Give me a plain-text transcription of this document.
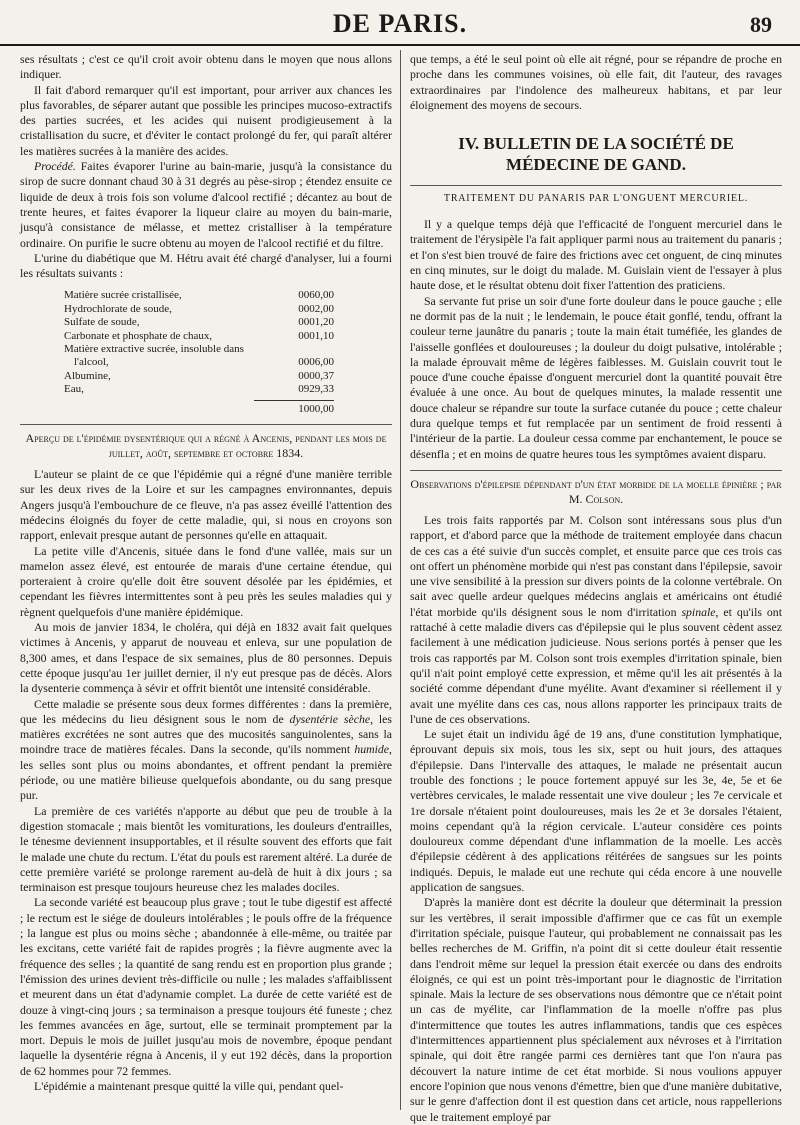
DE PARIS.	89

ses résultats ; c'est ce qu'il croit avoir obtenu dans le moyen que nous allons indiquer.

Il fait d'abord remarquer qu'il est important, pour arriver aux chances les plus favorables, de séparer autant que possible les principes mucoso-extractifs des parties sucrées, et les acides qui nuisent prodigieusement à la cristallisation du sucre, et d'éviter le contact prolongé du fer, qui paraît altérer les matières sucrées à la manière des acides.

Procédé. Faites évaporer l'urine au bain-marie, jusqu'à la consistance du sirop de sucre donnant chaud 30 à 31 degrés au pèse-sirop ; étendez ensuite ce liquide de deux à trois fois son volume d'alcool rectifié ; décantez au bout de trente heures, et faites évaporer la liqueur claire au moyen du bain-marie, jusqu'à consistance de mélasse, et mettez cristalliser à la température ordinaire. On purifie le sucre obtenu au moyen de l'alcool rectifié et du filtre.

L'urine du diabétique que M. Hétru avait été chargé d'analyser, lui a fourni les résultats suivants :

Matière sucrée cristallisée,	0060,00
Hydrochlorate de soude,	0002,00
Sulfate de soude,	0001,20
Carbonate et phosphate de chaux,	0001,10
Matière extractive sucrée, insoluble dans
l'alcool,	0006,00
Albumine,	0000,37
Eau,	0929,33
1000,00
Aperçu de l'épidémie dysentérique qui a régné à Ancenis, pendant les mois de juillet, août, septembre et octobre 1834.

L'auteur se plaint de ce que l'épidémie qui a régné d'une manière terrible sur les deux rives de la Loire et sur les campagnes environnantes, depuis Angers jusqu'à l'embouchure de ce fleuve, n'a pas assez éveillé l'attention des médecins éloignés du foyer de cette maladie, qui, si nous en croyons son rapport, enlevait presque autant de personnes qu'elle en attaquait.

La petite ville d'Ancenis, située dans le fond d'une vallée, mais sur un mamelon assez élevé, est entourée de marais d'une certaine étendue, qui porteraient à croire qu'elle doit être souvent désolée par les épidémies, et cependant les fièvres intermittentes sont à peu près les seules maladies qui y règnent quelquefois d'une manière épidémique.

Au mois de janvier 1834, le choléra, qui déjà en 1832 avait fait quelques victimes à Ancenis, y apparut de nouveau et enleva, sur une population de 8,300 ames, et dans l'espace de six semaines, plus de 80 personnes. Depuis cette époque jusqu'au 1er juillet dernier, il n'y eut presque pas de décès. Alors la dysenterie commença à sévir et offrit bientôt une intensité considérable.

Cette maladie se présente sous deux formes différentes : dans la première, que les médecins du lieu désignent sous le nom de dysentérie sèche, les matières excrétées ne sont autres que des mucosités sanguinolentes, sans la moindre trace de matières fécales. Dans la seconde, qu'ils nomment humide, les selles sont plus ou moins abondantes, et offrent pendant la première période, ou une matière bilieuse quelquefois abondante, ou du sang presque pur.

La première de ces variétés n'apporte au début que peu de trouble à la digestion stomacale ; mais bientôt les vomiturations, les douleurs d'entrailles, le ténesme deviennent insupportables, et il résulte souvent des efforts que fait le malade une chute du rectum. L'état du pouls est rarement altéré. La durée de cette première variété se prolonge rarement au-delà de huit à dix jours ; sa terminaison est presque toujours heureuse chez les malades dociles.

La seconde variété est beaucoup plus grave ; tout le tube digestif est affecté ; le rectum est le siége de douleurs intolérables ; le pouls offre de la fréquence ; la langue est plus ou moins sèche ; abandonnée à elle-même, ou traitée par les excitans, cette variété fait de rapides progrès ; la fièvre augmente avec la fréquence des selles ; la quantité de sang rendu est en proportion plus grande ; l'émission des urines devient très-difficile ou nulle ; les malades s'affaiblissent et meurent dans un état d'adynamie complet. La durée de cette variété est de douze à vingt-cinq jours ; sa terminaison a presque toujours été funeste ; chez les femmes avancées en âge, surtout, elle se terminait promptement par la mort. Depuis le mois de juillet jusqu'au mois de novembre, époque pendant laquelle la dysentérie régna à Ancenis, il y eut 192 décès, dans la proportion de 62 hommes pour 72 femmes.

L'épidémie a maintenant presque quitté la ville qui, pendant quel-

que temps, a été le seul point où elle ait régné, pour se répandre de proche en proche dans les communes voisines, où elle fait, dit l'auteur, des ravages extraordinaires par l'indolence des malheureux habitans, et par leur éloignement des moyens de secours.

IV. BULLETIN DE LA SOCIÉTÉ DE MÉDECINE DE GAND.
TRAITEMENT DU PANARIS PAR L'ONGUENT MERCURIEL.

Il y a quelque temps déjà que l'efficacité de l'onguent mercuriel dans le traitement de l'érysipèle l'a fait appliquer parmi nous au traitement du panaris ; et l'on s'est bien trouvé de faire des frictions avec cet onguent, de cinq minutes en cinq minutes, sur le doigt du malade. M. Guislain vient de l'essayer à plus haute dose, et le résultat obtenu doit fixer l'attention des praticiens.

Sa servante fut prise un soir d'une forte douleur dans le pouce gauche ; elle ne dormit pas de la nuit ; le lendemain, le pouce était gonflé, tendu, offrant la couleur terne jaunâtre du panaris ; toute la main était tuméfiée, les glandes de l'aisselle gonflées et douloureuses ; la douleur du doigt pulsative, intolérable ; la malade éprouvait même de légères faiblesses. M. Guislain couvrit tout le pouce d'une couche épaisse d'onguent mercuriel dont la quantité pouvait être évaluée à une once. Au bout de quelques minutes, la malade ressentit une douce chaleur se répandre sur toute la surface cutanée du pouce ; cette chaleur dura quelque temps et fut remplacée par un sentiment de froid ressenti à l'intérieur de la partie. La douleur cessa comme par enchantement, le pouce se désenfla ; et en moins de quatre heures tous les symptômes avaient disparu.

Observations d'épilepsie dépendant d'un état morbide de la moelle épinière ; par M. Colson.

Les trois faits rapportés par M. Colson sont intéressans sous plus d'un rapport, et d'abord parce que la méthode de traitement employée dans chacun de ces cas a été suivie d'un succès complet, et ensuite parce que ces trois cas ont offert un phénomène morbide qui n'est pas constant dans l'épilepsie, savoir une vive sensibilité à la pression sur divers points de la colonne vertébrale. On sait avec quelle ardeur quelques médecins anglais et américains ont étudié l'état morbide qu'ils désignent sous le nom d'irritation spinale, et qu'ils ont rattaché à cette maladie divers cas d'épilepsie qui le plus souvent cèdent assez facilement à une médication judicieuse. Nous serions portés à penser que les trois cas rapportés par M. Colson sont trois exemples d'irritation spinale, bien qu'il n'ait point employé cette expression, et même qu'il les ait présentés à la société comme dépendant d'une myélite. Avant d'examiner si réellement il y avait une myélite dans ces cas, nous allons rapporter les principaux traits de l'une de ces observations.

Le sujet était un individu âgé de 19 ans, d'une constitution lymphatique, éprouvant depuis six mois, tous les six, sept ou huit jours, des attaques d'épilepsie. Dans l'intervalle des attaques, le malade ne présentait aucun trouble des fonctions ; le pouce fortement appuyé sur les 3e, 4e, 5e et 6e vertèbres cervicales, le malade ressentait une vive douleur ; les 7e cervicale et 1re dorsale n'étaient point douloureuses, mais les 2e et 3e dorsales l'étaient, moins cependant qu'à la région cervicale. L'auteur considère ces points douloureux comme dépendant d'une inflammation de la moelle. Les accès d'épilepsie cédèrent à des applications réitérées de sangsues sur les points indiqués. Depuis, le malade eut une rechute qui céda encore à une nouvelle application de sangsues.

D'après la manière dont est décrite la douleur que déterminait la pression sur les vertèbres, il serait impossible d'affirmer que ce cas fût un exemple d'irritation spéciale, puisque l'auteur, qui probablement ne connaissait pas les belles recherches de M. Griffin, n'a point dit si cette douleur était ressentie dans l'endroit même sur lequel la pression était exercée ou dans des endroits éloignés, ce qui est un point très-important pour le diagnostic de l'irritation spinale. Mais la lecture de ses observations nous démontre que ce n'était point un cas de myélite, car l'inflammation de la moelle n'offre pas plus d'intermittence que toutes les autres inflammations, tandis que ces espèces d'intermittences appartiennent plus spécialement aux névroses et à l'irritation spinale, qui doit être rangée parmi ces dernières tant que l'on n'aura pas découvert la nature intime de cet état morbide. Si nous voulions appuyer encore l'opinion que nous venons d'émettre, bien que d'une manière dubitative, sur le genre d'affection dont il est question dans cet article, nous rappellerions que le traitement employé par
